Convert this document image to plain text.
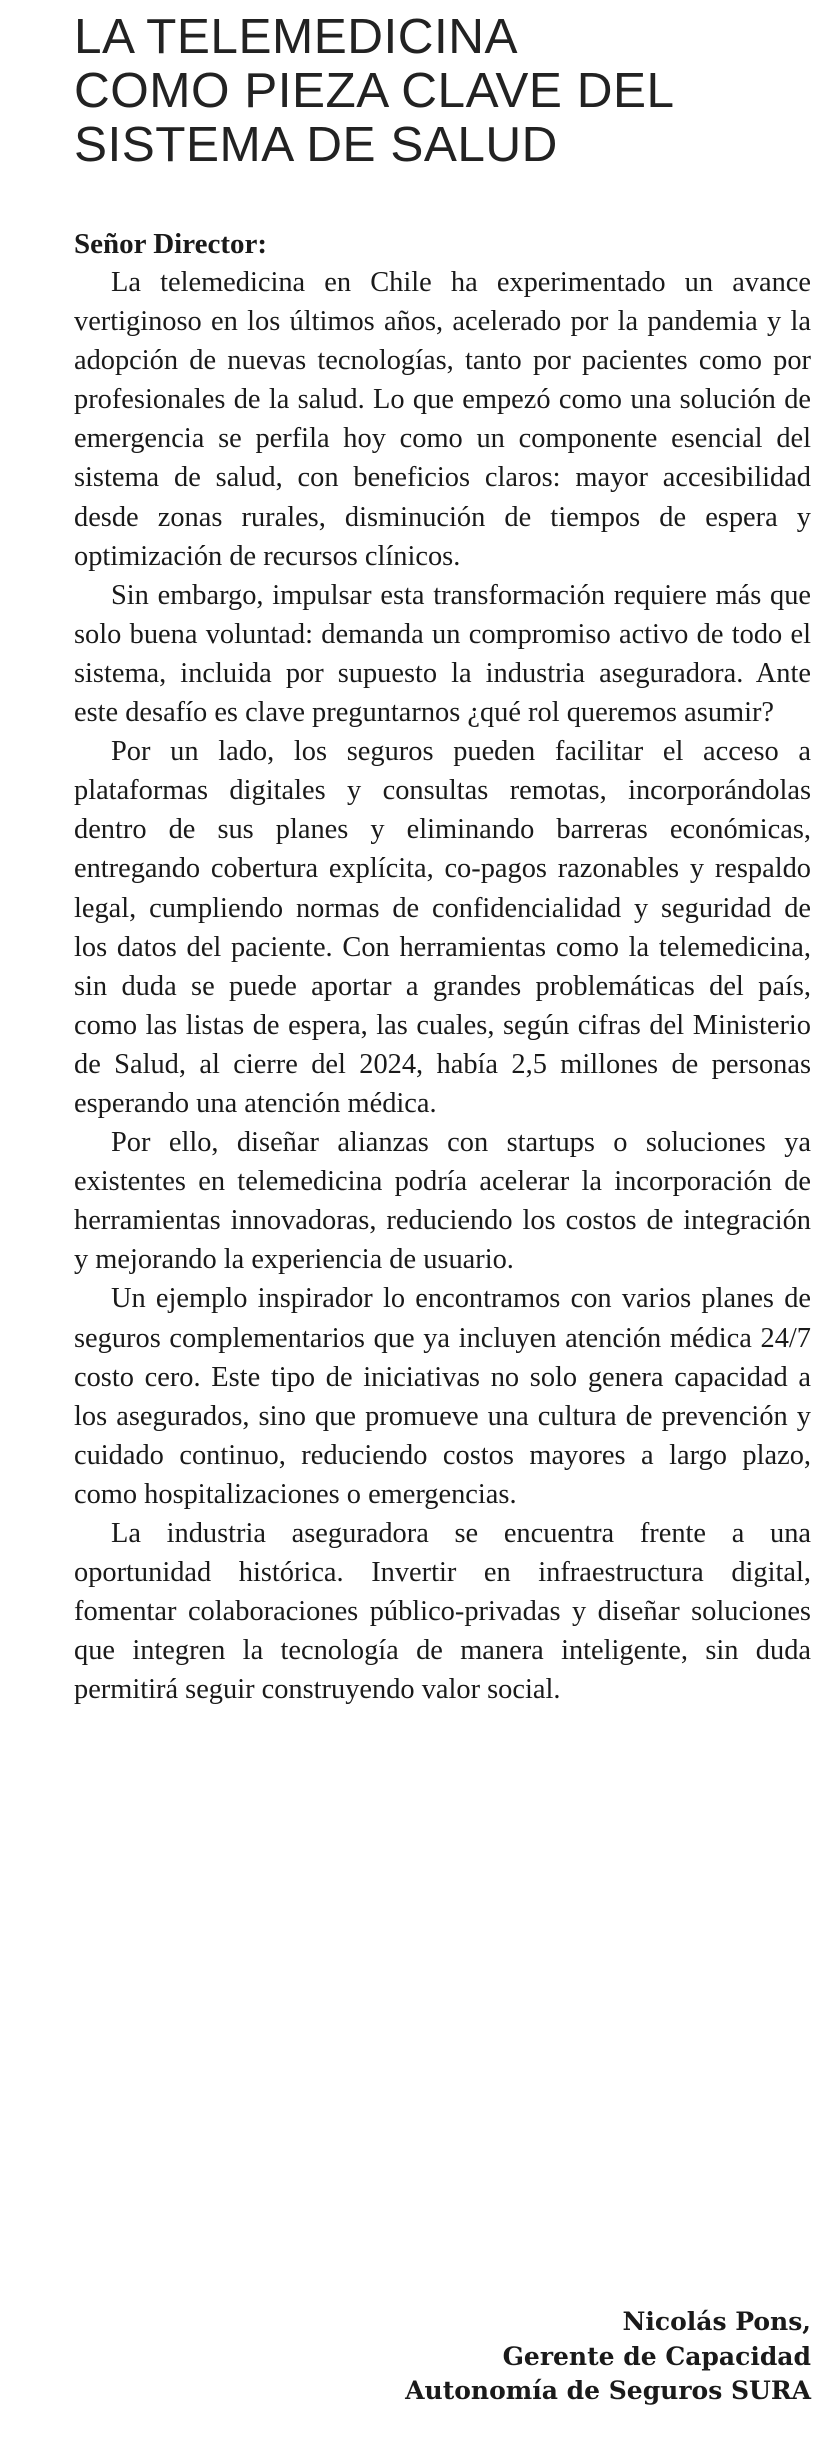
LA TELEMEDICINA
COMO PIEZA CLAVE DEL
SISTEMA DE SALUD
Señor Director:

La telemedicina en Chile ha experimentado un avance vertiginoso en los últimos años, acelerado por la pandemia y la adopción de nuevas tecnologías, tanto por pacientes como por profesionales de la salud. Lo que empezó como una solución de emergencia se perfila hoy como un componente esencial del sistema de salud, con beneficios claros: mayor accesibilidad desde zonas rurales, disminución de tiempos de espera y optimización de recursos clínicos.

Sin embargo, impulsar esta transformación requiere más que solo buena voluntad: demanda un compromiso activo de todo el sistema, incluida por supuesto la industria aseguradora. Ante este desafío es clave preguntarnos ¿qué rol queremos asumir?

Por un lado, los seguros pueden facilitar el acceso a plataformas digitales y consultas remotas, incorporándolas dentro de sus planes y eliminando barreras económicas, entregando cobertura explícita, co-pagos razonables y respaldo legal, cumpliendo normas de confidencialidad y seguridad de los datos del paciente. Con herramientas como la telemedicina, sin duda se puede aportar a grandes problemáticas del país, como las listas de espera, las cuales, según cifras del Ministerio de Salud, al cierre del 2024, había 2,5 millones de personas esperando una atención médica.

Por ello, diseñar alianzas con startups o soluciones ya existentes en telemedicina podría acelerar la incorporación de herramientas innovadoras, reduciendo los costos de integración y mejorando la experiencia de usuario.

Un ejemplo inspirador lo encontramos con varios planes de seguros complementarios que ya incluyen atención médica 24/7 costo cero. Este tipo de iniciativas no solo genera capacidad a los asegurados, sino que promueve una cultura de prevención y cuidado continuo, reduciendo costos mayores a largo plazo, como hospitalizaciones o emergencias.

La industria aseguradora se encuentra frente a una oportunidad histórica. Invertir en infraestructura digital, fomentar colaboraciones público-privadas y diseñar soluciones que integren la tecnología de manera inteligente, sin duda permitirá seguir construyendo valor social.

Nicolás Pons,
Gerente de Capacidad
Autonomía de Seguros SURA
